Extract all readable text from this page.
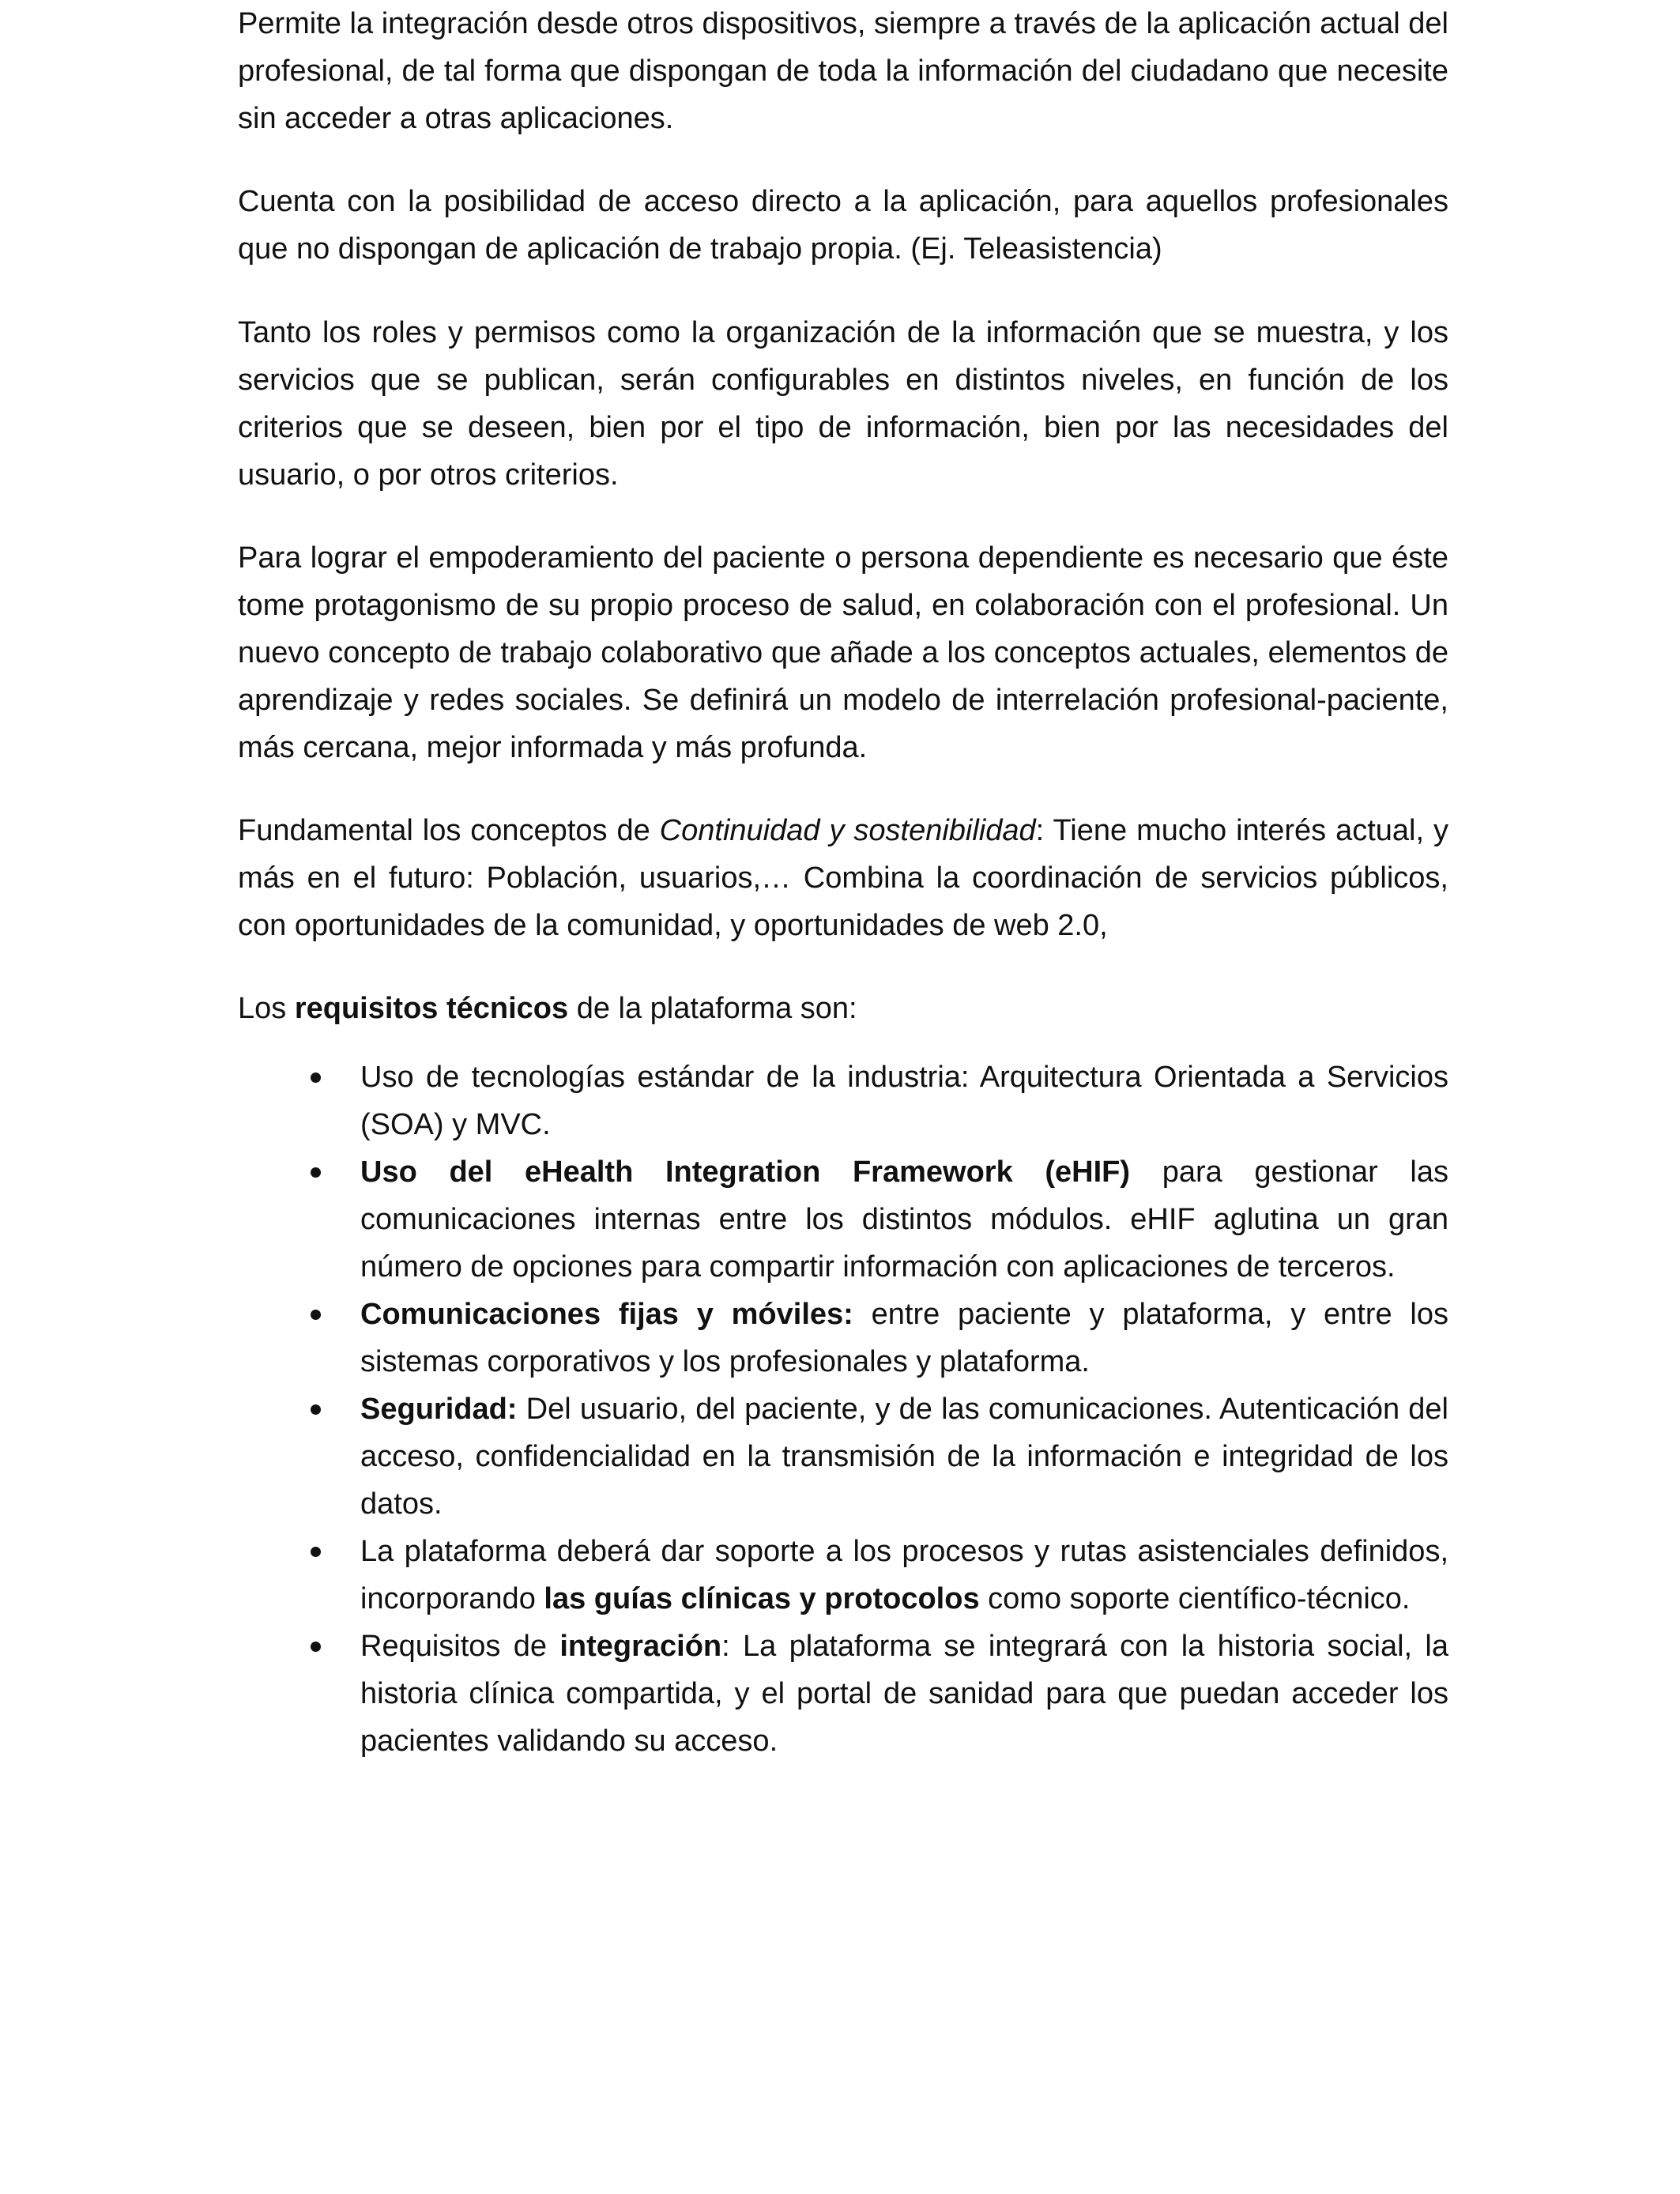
Permite la integración desde otros dispositivos, siempre a través de la aplicación actual del profesional, de tal forma que dispongan de toda la información del ciudadano que necesite sin acceder a otras aplicaciones.

Cuenta con la posibilidad de acceso directo a la aplicación, para aquellos profesionales que no dispongan de aplicación de trabajo propia. (Ej. Teleasistencia)

Tanto los roles y permisos como la organización de la información que se muestra, y los servicios que se publican, serán configurables en distintos niveles, en función de los criterios que se deseen, bien por el tipo de información, bien por las necesidades del usuario, o por otros criterios.

Para lograr el empoderamiento del paciente o persona dependiente es necesario que éste tome protagonismo de su propio proceso de salud, en colaboración con el profesional. Un nuevo concepto de trabajo colaborativo que añade a los conceptos actuales, elementos de aprendizaje y redes sociales. Se definirá un modelo de interrelación profesional-paciente, más cercana, mejor informada y más profunda.

Fundamental los conceptos de Continuidad y sostenibilidad: Tiene mucho interés actual, y más en el futuro: Población, usuarios,… Combina la coordinación de servicios públicos, con oportunidades de la comunidad, y oportunidades de web 2.0,

Los requisitos técnicos de la plataforma son:

Uso de tecnologías estándar de la industria: Arquitectura Orientada a Servicios (SOA) y MVC.
Uso del eHealth Integration Framework (eHIF) para gestionar las comunicaciones internas entre los distintos módulos. eHIF aglutina un gran número de opciones para compartir información con aplicaciones de terceros.
Comunicaciones fijas y móviles: entre paciente y plataforma, y entre los sistemas corporativos y los profesionales y plataforma.
Seguridad: Del usuario, del paciente, y de las comunicaciones. Autenticación del acceso, confidencialidad en la transmisión de la información e integridad de los datos.
La plataforma deberá dar soporte a los procesos y rutas asistenciales definidos, incorporando las guías clínicas y protocolos como soporte científico-técnico.
Requisitos de integración: La plataforma se integrará con la historia social, la historia clínica compartida, y el portal de sanidad para que puedan acceder los pacientes validando su acceso.
